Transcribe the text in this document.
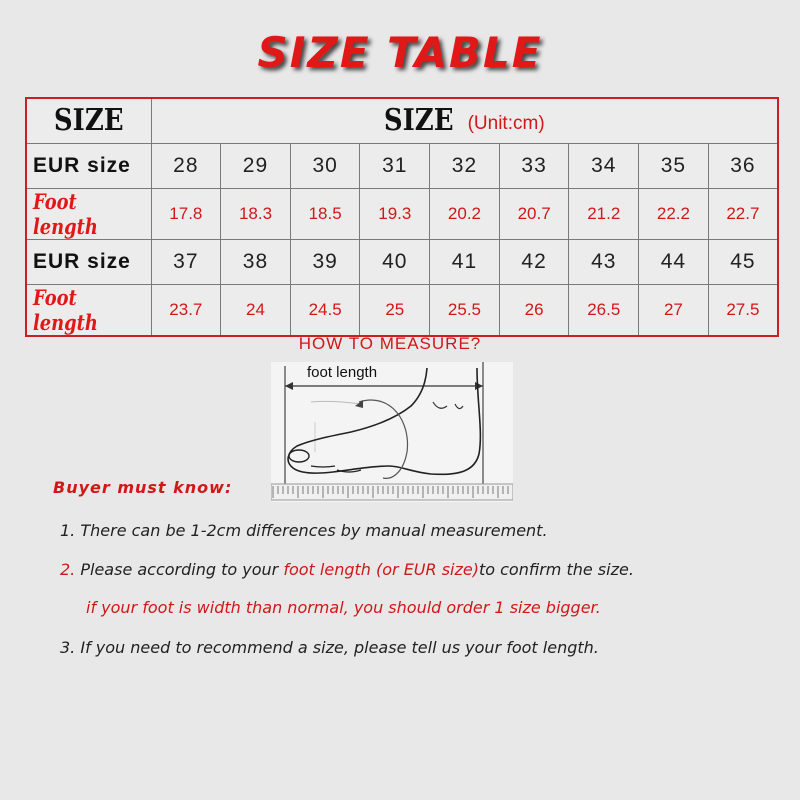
SIZE TABLE
SIZE	SIZE (Unit:cm)								
EUR size	28	29	30	31	32	33	34	35	36
Foot length	17.8	18.3	18.5	19.3	20.2	20.7	21.2	22.2	22.7
EUR size	37	38	39	40	41	42	43	44	45
Foot length	23.7	24	24.5	25	25.5	26	26.5	27	27.5
HOW TO MEASURE?
foot length
Buyer must know:
1. There can be 1-2cm differences by manual measurement.
2. Please according to your foot length (or EUR size)to confirm the size.
if your foot is width than normal, you should order 1 size bigger.
3. If you need to recommend a size, please tell us your foot length.
